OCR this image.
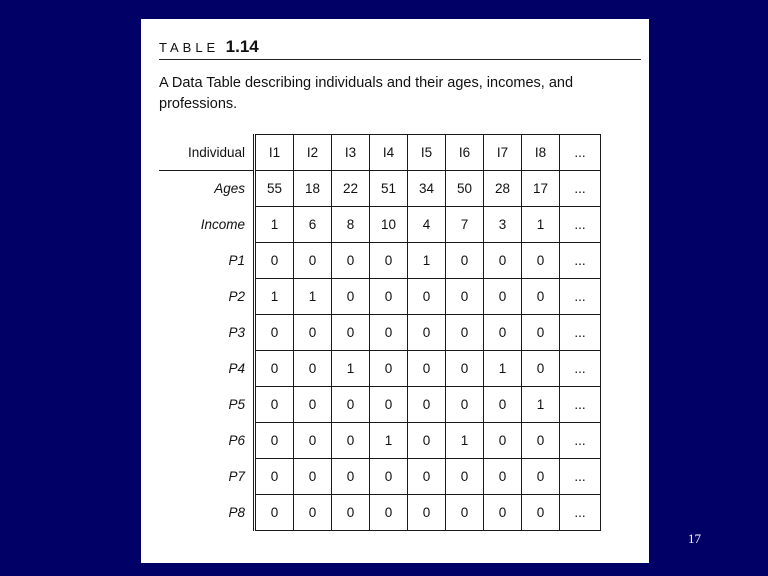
TABLE 1.14
A Data Table describing individuals and their ages, incomes, and professions.
Individual	I1	I2	I3	I4	I5	I6	I7	I8	...
Ages	55	18	22	51	34	50	28	17	...
Income	1	6	8	10	4	7	3	1	...
P1	0	0	0	0	1	0	0	0	...
P2	1	1	0	0	0	0	0	0	...
P3	0	0	0	0	0	0	0	0	...
P4	0	0	1	0	0	0	1	0	...
P5	0	0	0	0	0	0	0	1	...
P6	0	0	0	1	0	1	0	0	...
P7	0	0	0	0	0	0	0	0	...
P8	0	0	0	0	0	0	0	0	...
17
